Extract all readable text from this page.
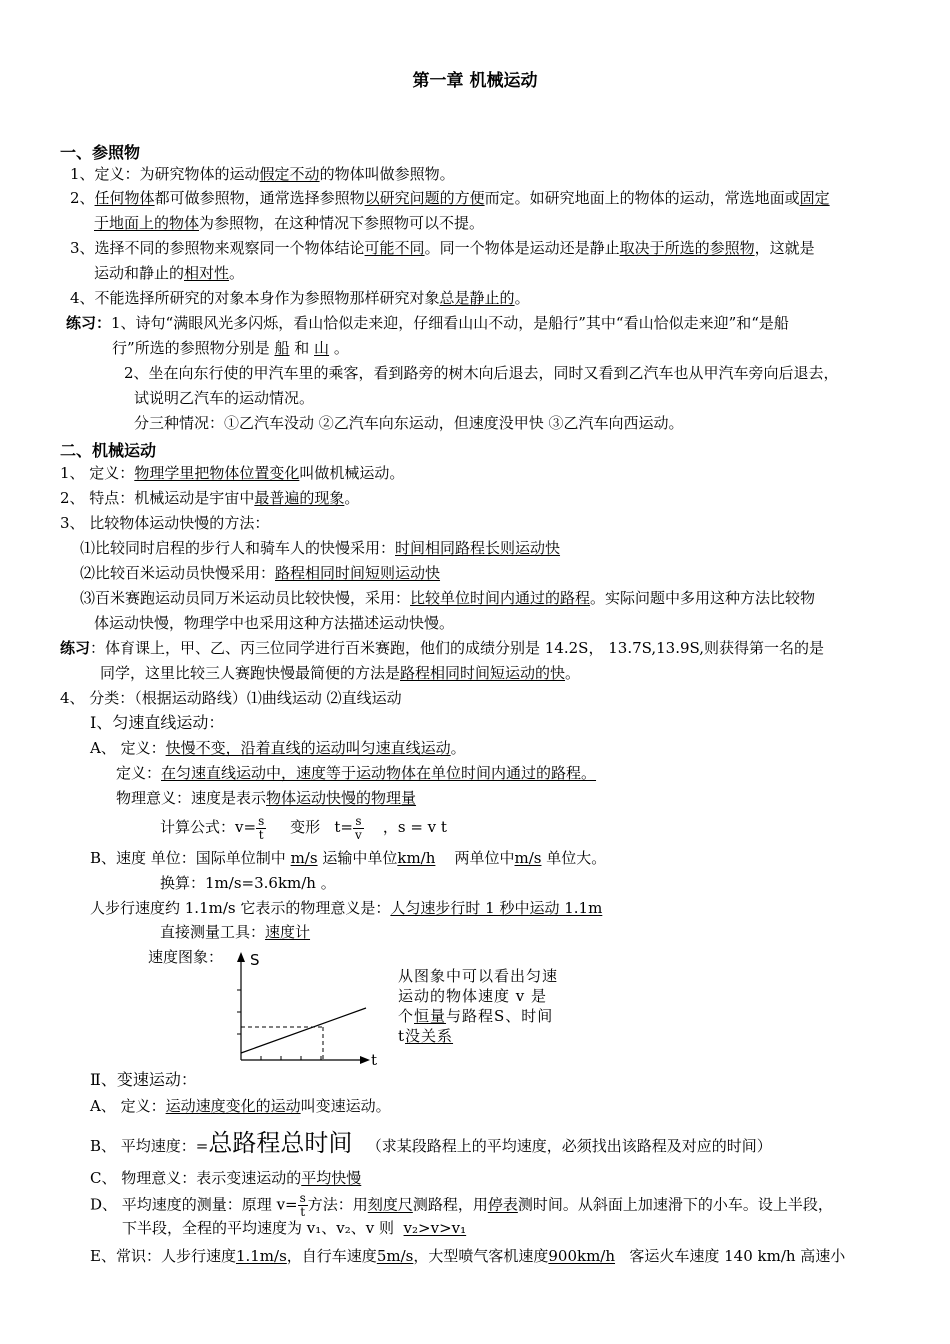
第一章 机械运动
一、参照物
1、定义：为研究物体的运动假定不动的物体叫做参照物。
2、任何物体都可做参照物，通常选择参照物以研究问题的方便而定。如研究地面上的物体的运动，常选地面或固定
于地面上的物体为参照物，在这种情况下参照物可以不提。
3、选择不同的参照物来观察同一个物体结论可能不同。同一个物体是运动还是静止取决于所选的参照物，这就是
运动和静止的相对性。
4、不能选择所研究的对象本身作为参照物那样研究对象总是静止的。
练习：1、诗句“满眼风光多闪烁，看山恰似走来迎，仔细看山山不动，是船行”其中“看山恰似走来迎”和“是船
行”所选的参照物分别是 船 和 山 。
2、坐在向东行使的甲汽车里的乘客，看到路旁的树木向后退去，同时又看到乙汽车也从甲汽车旁向后退去，
试说明乙汽车的运动情况。
分三种情况：①乙汽车没动 ②乙汽车向东运动，但速度没甲快 ③乙汽车向西运动。
二、机械运动
1、 定义：物理学里把物体位置变化叫做机械运动。
2、 特点：机械运动是宇宙中最普遍的现象。
3、 比较物体运动快慢的方法：
⑴比较同时启程的步行人和骑车人的快慢采用：时间相同路程长则运动快
⑵比较百米运动员快慢采用：路程相同时间短则运动快
⑶百米赛跑运动员同万米运动员比较快慢，采用：比较单位时间内通过的路程。实际问题中多用这种方法比较物
体运动快慢，物理学中也采用这种方法描述运动快慢。
练习：体育课上，甲、乙、丙三位同学进行百米赛跑，他们的成绩分别是 14.2S， 13.7S,13.9S,则获得第一名的是
同学，这里比较三人赛跑快慢最简便的方法是路程相同时间短运动的快。
4、 分类：（根据运动路线）⑴曲线运动 ⑵直线运动
Ⅰ、匀速直线运动：
A、 定义：快慢不变，沿着直线的运动叫匀速直线运动。
定义：在匀速直线运动中，速度等于运动物体在单位时间内通过的路程。
物理意义：速度是表示物体运动快慢的物理量
计算公式：$v= \frac{s}{t}$ 变形 $t= \frac{s}{v}$ ，s = v t
B、速度 单位：国际单位制中 m/s 运输中单位km/h 两单位中m/s 单位大。
换算：1m/s=3.6km/h 。
人步行速度约 1.1m/s 它表示的物理意义是：人匀速步行时 1 秒中运动 1.1m
直接测量工具：速度计
速度图象： S
t
从图象中可以看出匀速运动的物体速度 v 是个恒量与路程S、时间 t没关系
Ⅱ、变速运动：
A、 定义：运动速度变化的运动叫变速运动。
B、 平均速度：=总路程总时间 （求某段路程上的平均速度，必须找出该路程及对应的时间）
C、 物理意义：表示变速运动的平均快慢
D、 平均速度的测量：原理 $v= \frac{s}{t}$ 方法：用刻度尺测路程，用停表测时间。从斜面上加速滑下的小车。设上半段，
下半段，全程的平均速度为 v₁、v₂、v 则 v₂>v>v₁
E、常识：人步行速度1.1m/s，自行车速度5m/s，大型喷气客机速度900km/h 客运火车速度 140 km/h 高速小
